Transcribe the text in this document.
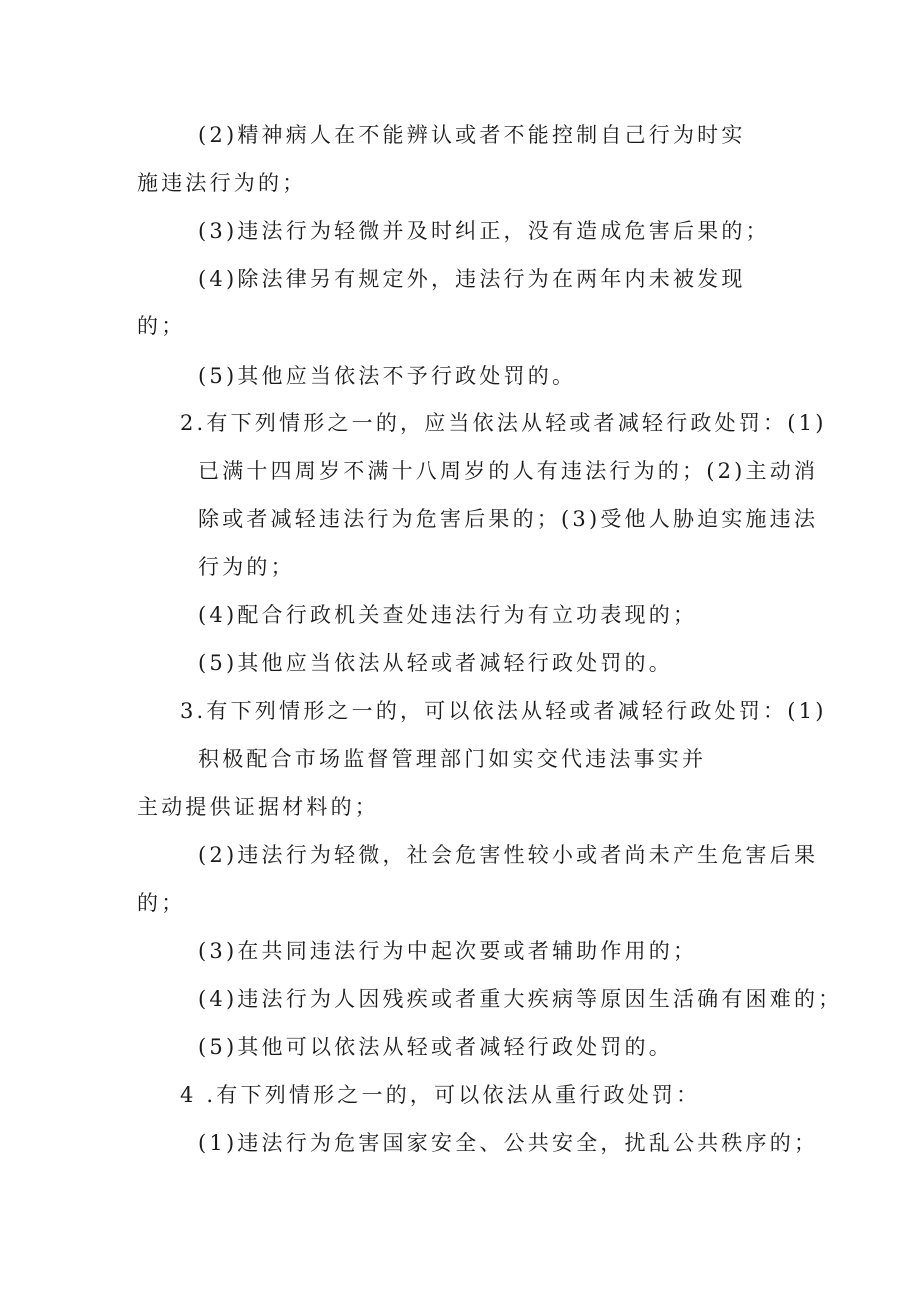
(2)精神病人在不能辨认或者不能控制自己行为时实
施违法行为的；
(3)违法行为轻微并及时纠正，没有造成危害后果的；
(4)除法律另有规定外，违法行为在两年内未被发现
的；
(5)其他应当依法不予行政处罚的。
2.有下列情形之一的，应当依法从轻或者减轻行政处罚：(1)
已满十四周岁不满十八周岁的人有违法行为的；(2)主动消
除或者减轻违法行为危害后果的；(3)受他人胁迫实施违法
行为的；
(4)配合行政机关查处违法行为有立功表现的；
(5)其他应当依法从轻或者减轻行政处罚的。
3.有下列情形之一的，可以依法从轻或者减轻行政处罚：(1)
积极配合市场监督管理部门如实交代违法事实并
主动提供证据材料的；
(2)违法行为轻微，社会危害性较小或者尚未产生危害后果
的；
(3)在共同违法行为中起次要或者辅助作用的；
(4)违法行为人因残疾或者重大疾病等原因生活确有困难的；
(5)其他可以依法从轻或者减轻行政处罚的。
4 .有下列情形之一的，可以依法从重行政处罚：
(1)违法行为危害国家安全、公共安全，扰乱公共秩序的；
